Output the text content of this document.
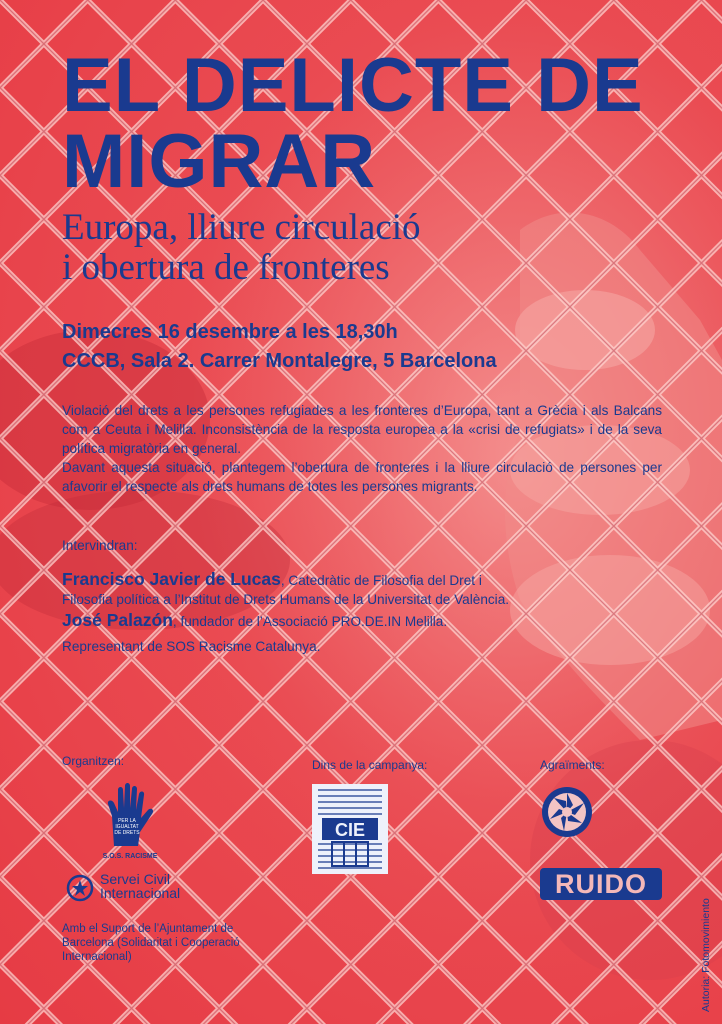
EL DELICTE DE
MIGRAR
Europa, lliure circulació
i obertura de fronteres
Dimecres 16 desembre a les 18,30h
CCCB, Sala 2. Carrer Montalegre, 5 Barcelona

Violació del drets a les persones refugiades a les fronteres d’Europa, tant a Grècia i als Balcans com a Ceuta i Melilla. Inconsistència de la resposta europea a la «crisi de refugiats» i de la seva política migratòria en general.

Davant aquesta situació, plantegem l’obertura de fronteres i la lliure circulació de persones per afavorir el respecte als drets humans de totes les persones migrants.

Intervindran:
Francisco Javier de Lucas, Catedràtic de Filosofia del Dret i
Filosofia política a l’Institut de Drets Humans de la Universitat de València.
José Palazón, fundador de l’Associació PRO.DE.IN Melilla.
Representant de SOS Racisme Catalunya.
Organitzen:	Dins de la campanya:	Agraïments:
PER LA
IGUALTAT
DE DRETS
S.O.S. RACISME
Servei Civil
Internacional
Amb el Suport de l’Ajuntament de Barcelona (Solidaritat i Cooperació Internacional)
CIE
RUIDO
Autoria: Fotomovimiento
